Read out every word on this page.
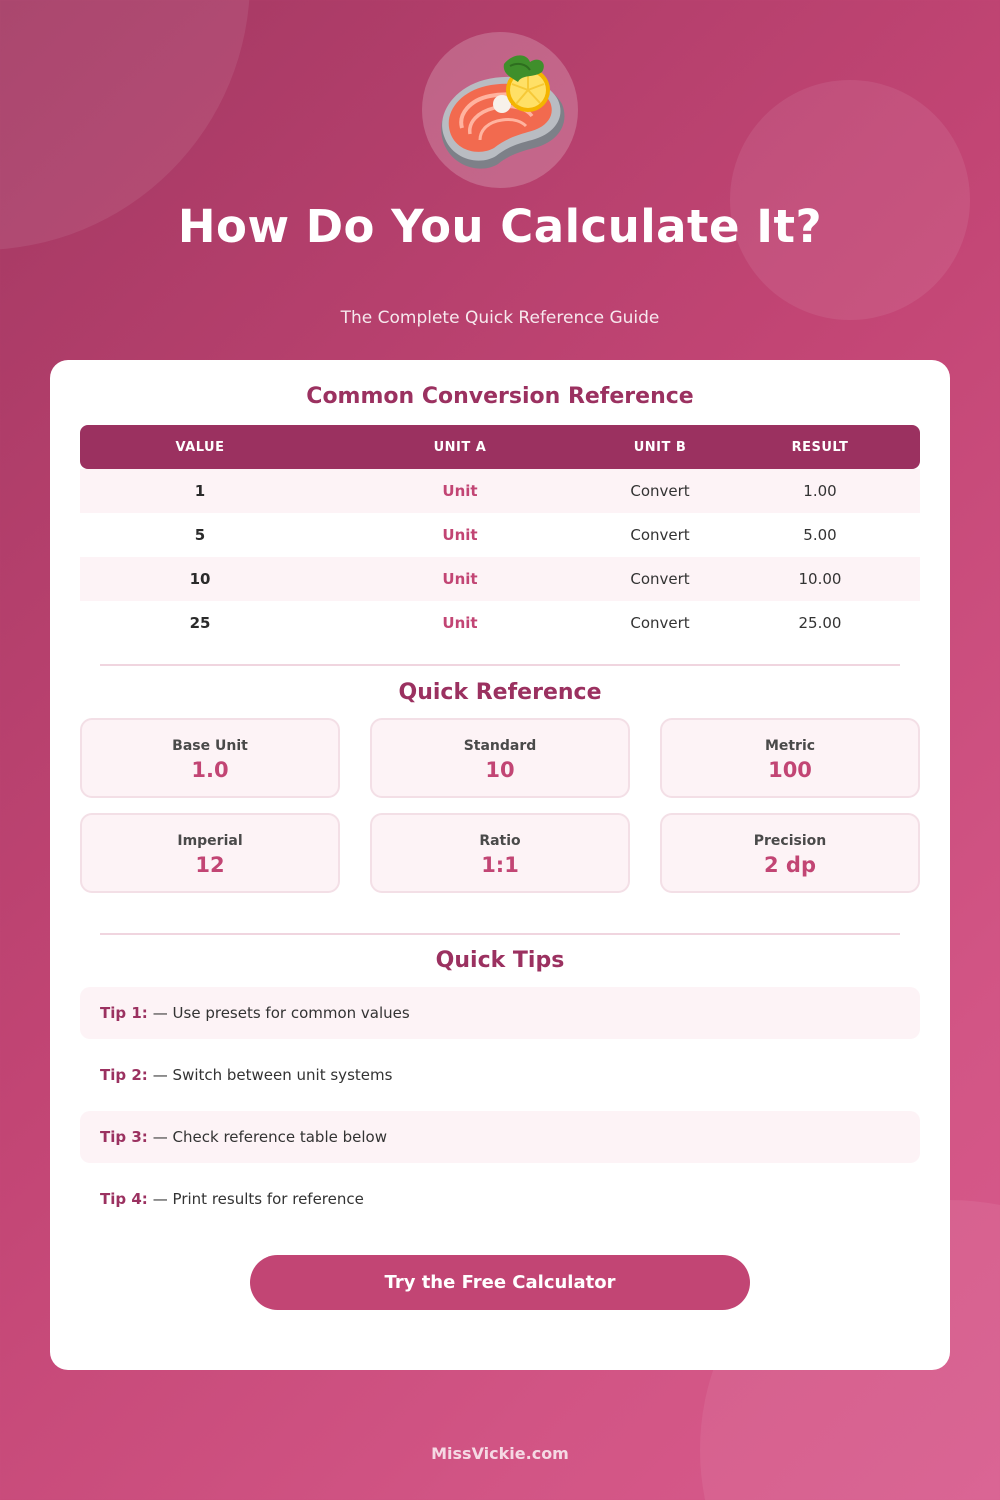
How Do You Calculate It?
The Complete Quick Reference Guide
Common Conversion Reference
VALUE	UNIT A	UNIT B	RESULT
1	Unit	Convert	1.00
5	Unit	Convert	5.00
10	Unit	Convert	10.00
25	Unit	Convert	25.00
Quick Reference
Base Unit
1.0
Standard
10
Metric
100
Imperial
12
Ratio
1:1
Precision
2 dp
Quick Tips
Tip 1: — Use presets for common values
Tip 2: — Switch between unit systems
Tip 3: — Check reference table below
Tip 4: — Print results for reference
Try the Free Calculator
MissVickie.com
